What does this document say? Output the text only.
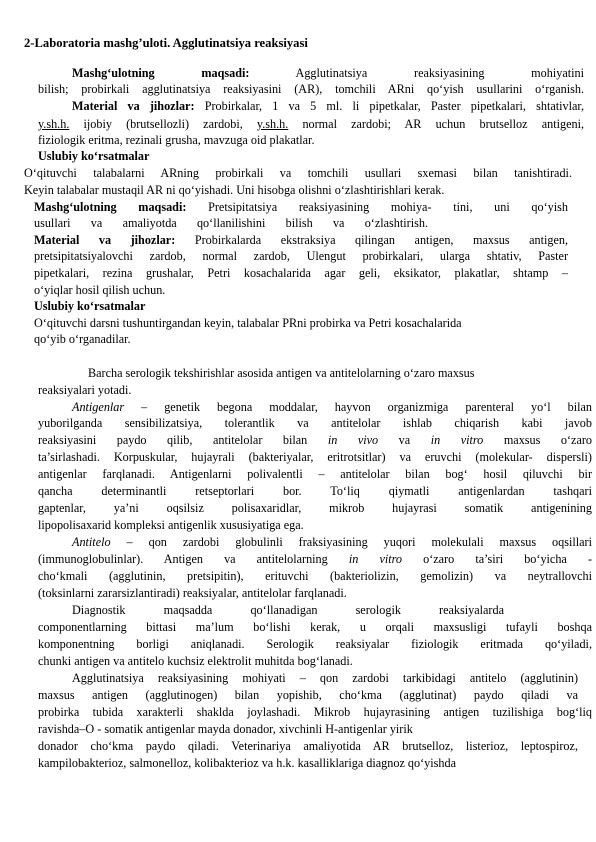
2-Laboratoria mashg’uloti. Agglutinatsiya reaksiyasi
Mashg‘ulotning maqsadi:	Agglutinatsiya reaksiyasining mohiyatini
bilish; probirkali agglutinatsiya reaksiyasini (AR), tomchili ARni qo‘yish usullarini o‘rganish.
Material va jihozlar: Probirkalar, 1 va 5 ml. li pipetkalar, Paster pipetkalari, shtativlar,
y.sh.h. ijobiy (brutsellozli) zardobi, y.sh.h. normal zardobi; AR uchun brutselloz antigeni,
fiziologik eritma, rezinali grusha, mavzuga oid plakatlar.
Uslubiy ko‘rsatmalar
O‘qituvchi talabalarni ARning probirkali va tomchili usullari sxemasi bilan tanishtiradi.
Keyin talabalar mustaqil AR ni qo‘yishadi. Uni hisobga olishni o‘zlashtirishlari kerak.
Mashg‘ulotning maqsadi: Pretsipitatsiya reaksiyasining mohiya- tini, uni qo‘yish
usullari va amaliyotda qo‘llanilishini bilish va o‘zlashtirish.
Material va jihozlar: Probirkalarda ekstraksiya qilingan antigen, maxsus antigen,
pretsipitatsiyalovchi zardob, normal zardob, Ulengut probirkalari, ularga shtativ, Paster
pipetkalari, rezina grushalar, Petri kosachalarida agar geli, eksikator, plakatlar, shtamp –
o‘yiqlar hosil qilish uchun.
Uslubiy ko‘rsatmalar
O‘qituvchi darsni tushuntirgandan keyin, talabalar PRni probirka va Petri kosachalarida
qo‘yib o‘rganadilar.
Barcha serologik tekshirishlar asosida antigen va antitelolarning o‘zaro maxsus
reaksiyalari yotadi.
Antigenlar – genetik begona moddalar, hayvon organizmiga parenteral yo‘l bilan
yuborilganda sensibilizatsiya, tolerantlik va antitelolar ishlab chiqarish kabi javob
reaksiyasini paydo qilib, antitelolar bilan in vivo va in vitro maxsus o‘zaro
ta’sirlashadi. Korpuskular, hujayrali (bakteriyalar, eritrotsitlar) va eruvchi (molekular- dispersli)
antigenlar farqlanadi. Antigenlarni polivalentli – antitelolar bilan bog‘ hosil qiluvchi bir
qancha determinantli retseptorlari bor. To‘liq qiymatli antigenlardan tashqari
gaptenlar, ya’ni oqsilsiz polisaxaridlar, mikrob hujayrasi somatik antigenining
lipopolisaxarid kompleksi antigenlik xususiyatiga ega.
Antitelo – qon zardobi globulinli fraksiyasining yuqori molekulali maxsus oqsillari
(immunoglobulinlar). Antigen va antitelolarning in vitro o‘zaro ta’siri bo‘yicha -
cho‘kmali (agglutinin, pretsipitin), erituvchi (bakteriolizin, gemolizin) va neytrallovchi
(toksinlarni zararsizlantiradi) reaksiyalar, antitelolar farqlanadi.
Diagnostik maqsadda qo‘llanadigan serologik reaksiyalarda
componentlarning bittasi ma’lum bo‘lishi kerak, u orqali maxsusligi tufayli boshqa
komponentning borligi aniqlanadi. Serologik reaksiyalar fiziologik eritmada qo‘yiladi,
chunki antigen va antitelo kuchsiz elektrolit muhitda bog‘lanadi.
Agglutinatsiya reaksiyasining mohiyati – qon zardobi tarkibidagi antitelo (agglutinin)
maxsus antigen (agglutinogen) bilan yopishib, cho‘kma (agglutinat) paydo qiladi va
probirka tubida xarakterli shaklda joylashadi. Mikrob hujayrasining antigen tuzilishiga bog‘liq
ravishda–O - somatik antigenlar mayda donador, xivchinli H-antigenlar yirik
donador cho‘kma paydo qiladi. Veterinariya amaliyotida AR brutselloz, listerioz, leptospiroz,
kampilobakterioz, salmonelloz, kolibakterioz va h.k. kasalliklariga diagnoz qo‘yishda
